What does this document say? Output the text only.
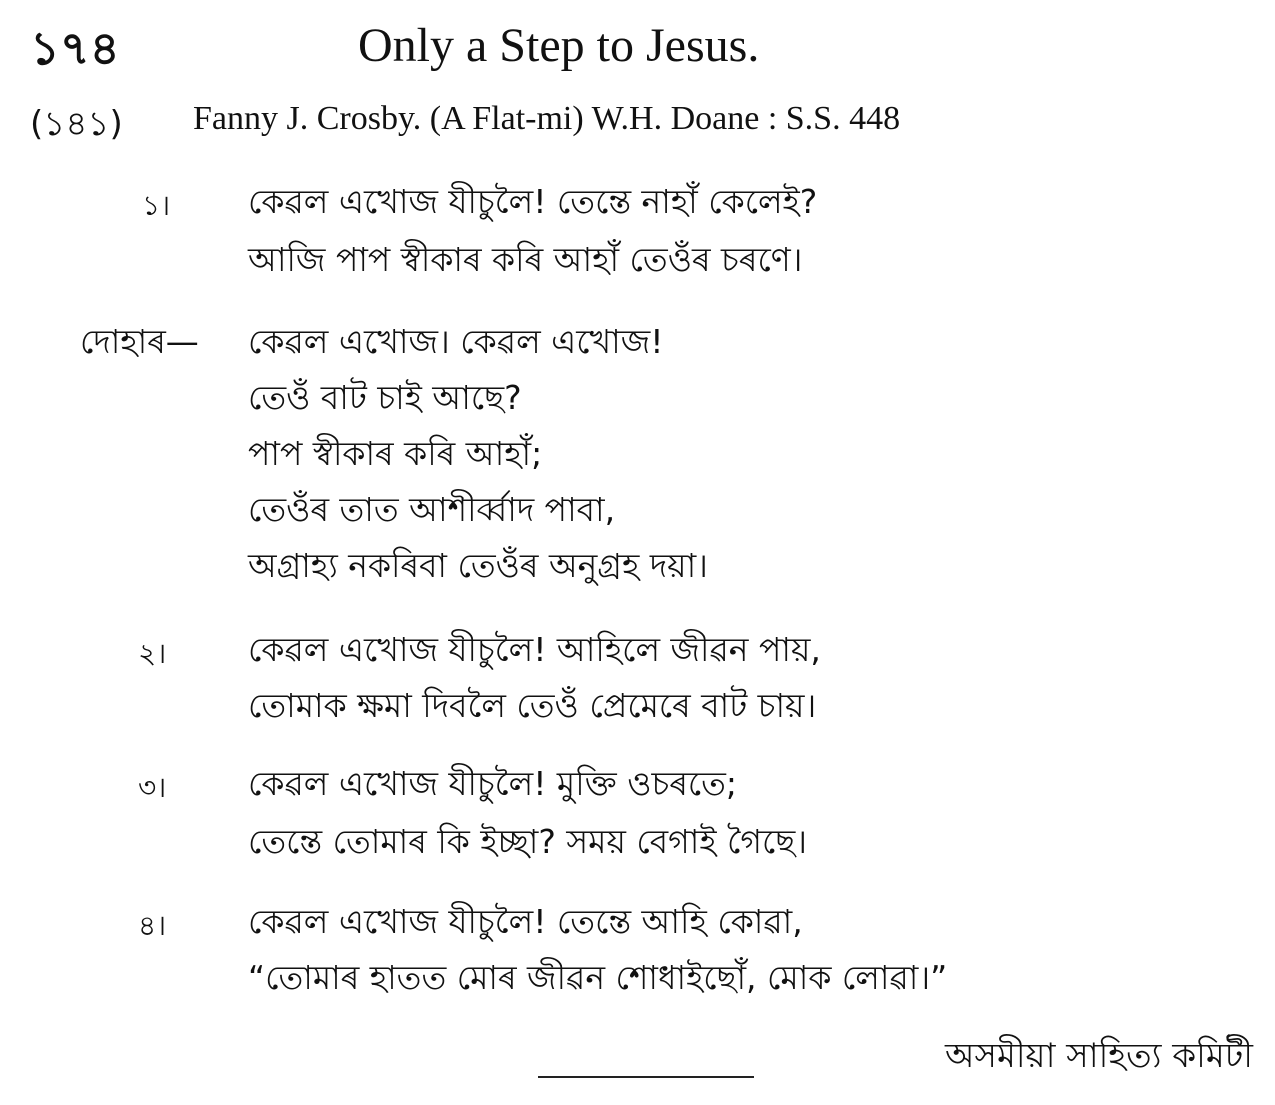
১৭৪	Only a Step to Jesus.
(১৪১) Fanny J. Crosby. (A Flat-mi) W.H. Doane : S.S. 448
১। কেৱল এখোজ যীচুলৈ! তেন্তে নাহাঁ কেলেই?
আজি পাপ স্বীকাৰ কৰি আহাঁ তেওঁৰ চৰণে।
দোহাৰ— কেৱল এখোজ। কেৱল এখোজ!
তেওঁ বাট চাই আছে?
পাপ স্বীকাৰ কৰি আহাঁ;
তেওঁৰ তাত আশীৰ্ব্বাদ পাবা,
অগ্ৰাহ্য নকৰিবা তেওঁৰ অনুগ্ৰহ দয়া।
২। কেৱল এখোজ যীচুলৈ! আহিলে জীৱন পায়,
তোমাক ক্ষমা দিবলৈ তেওঁ প্ৰেমেৰে বাট চায়।
৩। কেৱল এখোজ যীচুলৈ! মুক্তি ওচৰতে;
তেন্তে তোমাৰ কি ইচ্ছা? সময় বেগাই গৈছে।
৪। কেৱল এখোজ যীচুলৈ! তেন্তে আহি কোৱা,
“তোমাৰ হাতত মোৰ জীৱন শোধাইছোঁ, মোক লোৱা।”
অসমীয়া সাহিত্য কমিটী
